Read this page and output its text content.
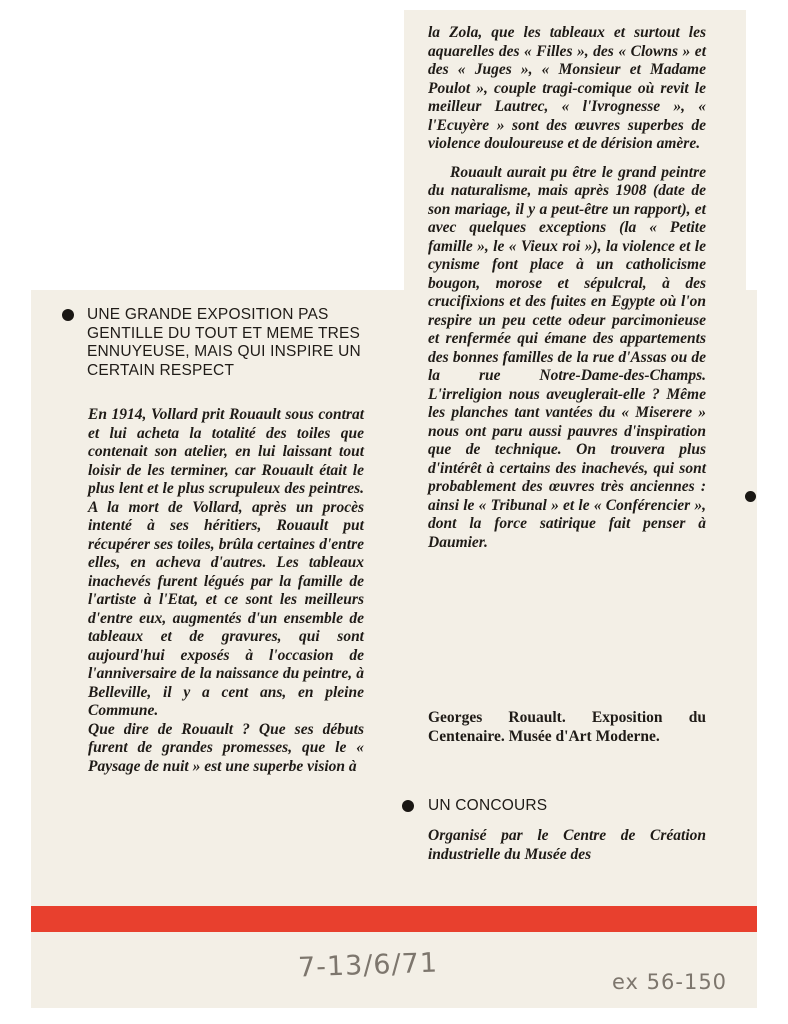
UNE GRANDE EXPOSITION PAS GENTILLE DU TOUT ET MEME TRES ENNUYEUSE, MAIS QUI INSPIRE UN CERTAIN RESPECT

En 1914, Vollard prit Rouault sous contrat et lui acheta la totalité des toiles que contenait son atelier, en lui laissant tout loisir de les terminer, car Rouault était le plus lent et le plus scrupuleux des peintres. A la mort de Vollard, après un procès intenté à ses héritiers, Rouault put récupérer ses toiles, brûla certaines d'entre elles, en acheva d'autres. Les tableaux inachevés furent légués par la famille de l'artiste à l'Etat, et ce sont les meilleurs d'entre eux, augmentés d'un ensemble de tableaux et de gravures, qui sont aujourd'hui exposés à l'occasion de l'anniversaire de la naissance du peintre, à Belleville, il y a cent ans, en pleine Commune.

Que dire de Rouault ? Que ses débuts furent de grandes promesses, que le « Paysage de nuit » est une superbe vision à

la Zola, que les tableaux et surtout les aquarelles des « Filles », des « Clowns » et des « Juges », « Monsieur et Madame Poulot », couple tragi-comique où revit le meilleur Lautrec, « l'Ivrognesse », « l'Ecuyère » sont des œuvres superbes de violence douloureuse et de dérision amère.

Rouault aurait pu être le grand peintre du naturalisme, mais après 1908 (date de son mariage, il y a peut-être un rapport), et avec quelques exceptions (la « Petite famille », le « Vieux roi »), la violence et le cynisme font place à un catholicisme bougon, morose et sépulcral, à des crucifixions et des fuites en Egypte où l'on respire un peu cette odeur parcimonieuse et renfermée qui émane des appartements des bonnes familles de la rue d'Assas ou de la rue Notre-Dame-des-Champs. L'irreligion nous aveuglerait-elle ? Même les planches tant vantées du « Miserere » nous ont paru aussi pauvres d'inspiration que de technique. On trouvera plus d'intérêt à certains des inachevés, qui sont probablement des œuvres très anciennes : ainsi le « Tribunal » et le « Conférencier », dont la force satirique fait penser à Daumier.

Georges Rouault. Exposition du Centenaire. Musée d'Art Moderne.
UN CONCOURS

Organisé par le Centre de Création industrielle du Musée des

7-13/6/71	ex 56-150
